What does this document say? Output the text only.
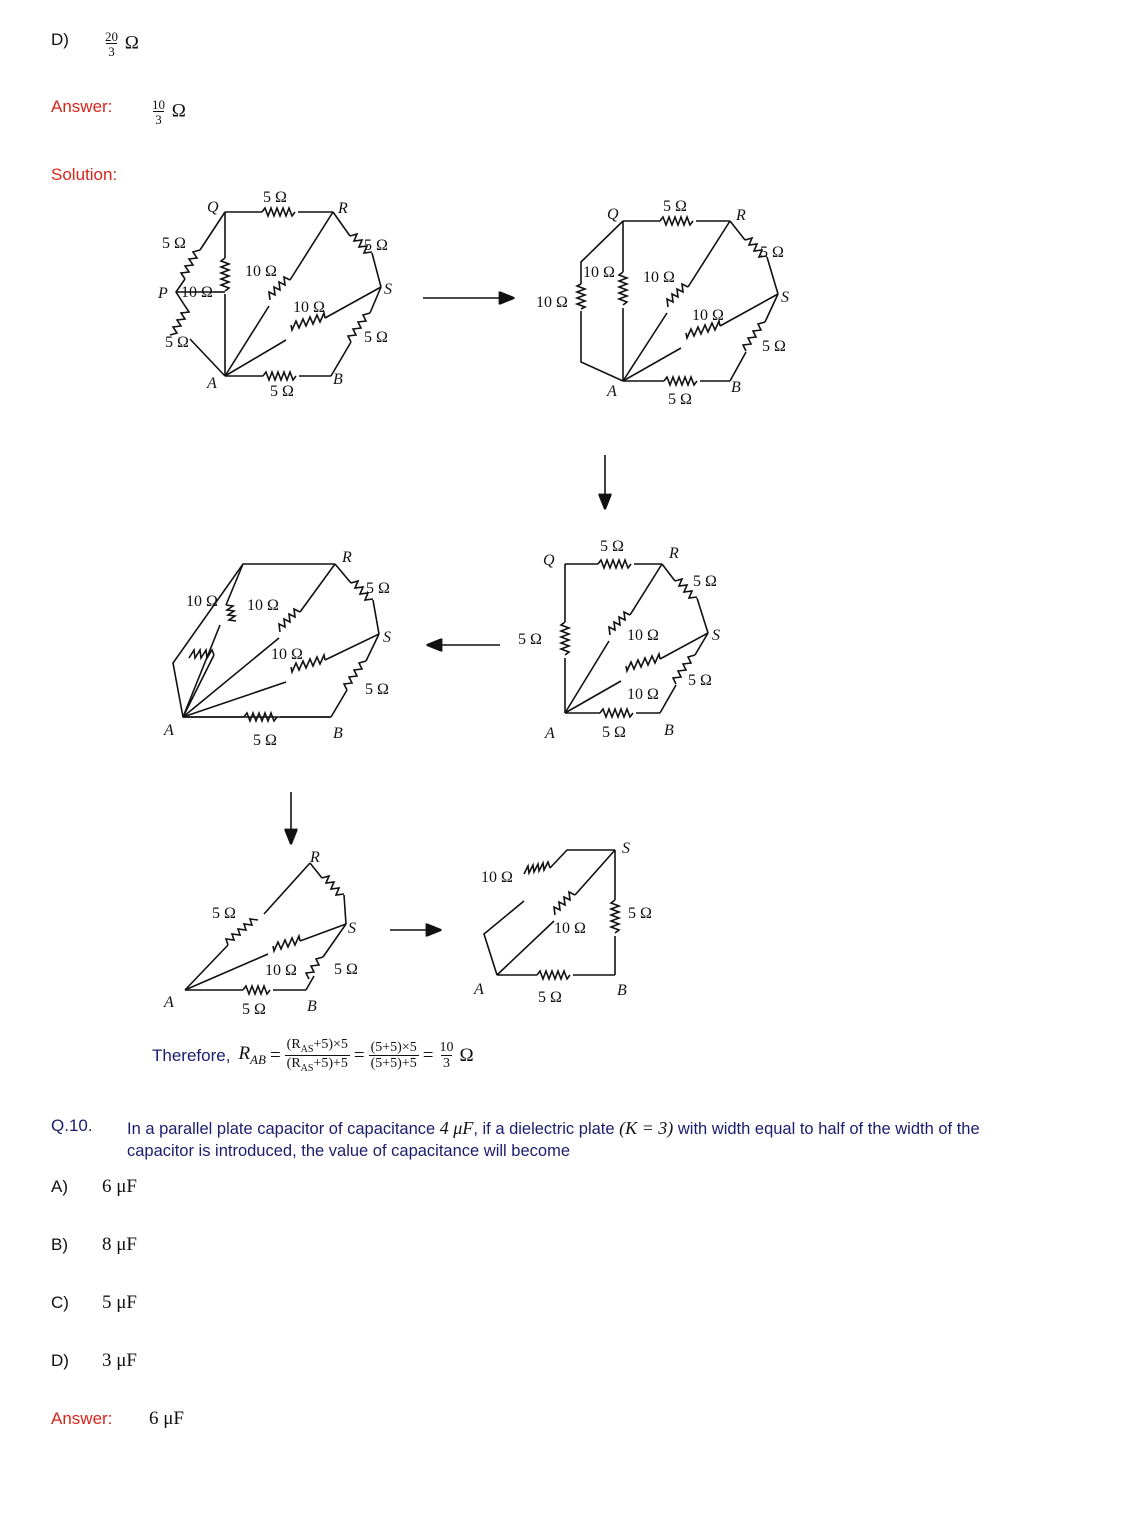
D)	$\frac{20}{3}$ Ω
Answer:	$\frac{10}{3}$ Ω
Solution:
5 Ω
5 Ω	5 Ω
5 Ω	5 Ω
5 Ω
10 Ω
10 Ω
10 Ω
Q	R
P	S
A	B
5 Ω
5 Ω
5 Ω
5 Ω
10 Ω
10 Ω 10 Ω
10 Ω
Q	R
S
A	B
5 Ω
5 Ω
5 Ω
5 Ω
5 Ω
10 Ω
10 Ω
Q	R
S
A	B
10 Ω 10 Ω
10 Ω
5 Ω
5 Ω
5 Ω
R
S
A	B
5 Ω
10 Ω 5 Ω
5 Ω
R
S
A	B
10 Ω
10 Ω
5 Ω
5 Ω
S
A	B
Therefore, $R_{AB} = \frac{(R_{AS}+5)\times 5}{(R_{AS}+5)+5} = \frac{(5+5)\times 5}{(5+5)+5} = \frac{10}{3}$ Ω
Q.10. In a parallel plate capacitor of capacitance 4 μF, if a dielectric plate (K = 3) with width equal to half of the width of the
capacitor is introduced, the value of capacitance will become
A) 6 μF
B) 8 μF
C) 5 μF
D) 3 μF
Answer: 6 μF
